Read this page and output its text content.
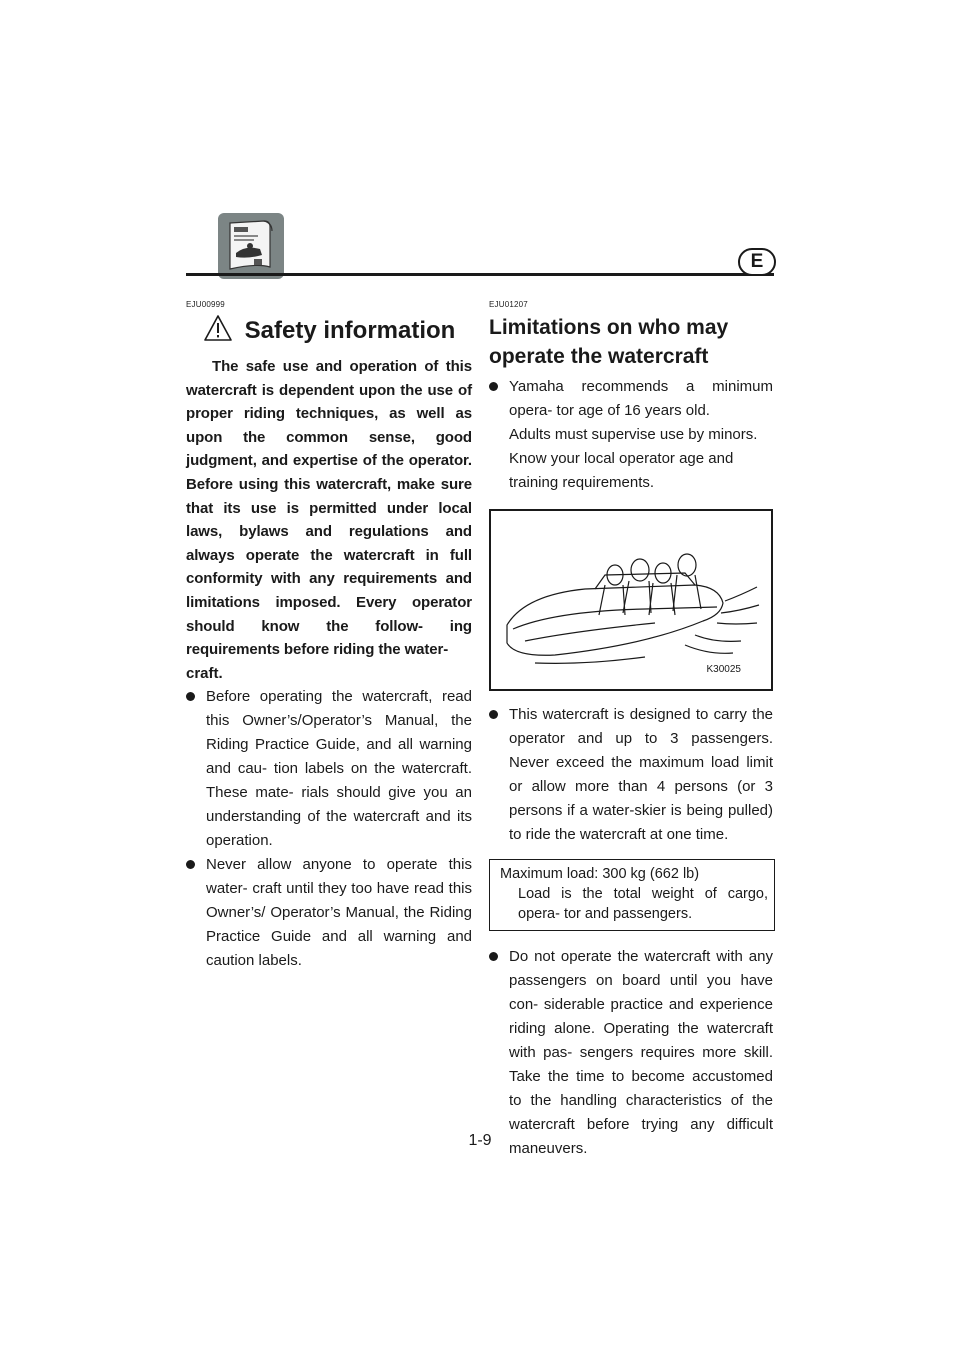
E
EJU00999
Safety information

The safe use and operation of this watercraft is dependent upon the use of proper riding techniques, as well as upon the common sense, good judgment, and expertise of the operator. Before using this watercraft, make sure that its use is permitted under local laws, bylaws and regulations and always operate the watercraft in full conformity with any requirements and limitations imposed. Every operator should know the follow- ing requirements before riding the water-

craft.

Before operating the watercraft, read this Owner’s/Operator’s Manual, the Riding Practice Guide, and all warning and cau- tion labels on the watercraft. These mate- rials should give you an understanding of the watercraft and its operation.
Never allow anyone to operate this water- craft until they too have read this Owner’s/ Operator’s Manual, the Riding Practice Guide and all warning and caution labels.
EJU01207
Limitations on who may
operate the watercraft
Yamaha recommends a minimum opera- tor age of 16 years old.
Adults must supervise use by minors.
Know your local operator age and training requirements.
K30025
This watercraft is designed to carry the operator and up to 3 passengers. Never exceed the maximum load limit or allow more than 4 persons (or 3 persons if a water-skier is being pulled) to ride the watercraft at one time.
Maximum load: 300 kg (662 lb)
Load is the total weight of cargo, opera- tor and passengers.
Do not operate the watercraft with any passengers on board until you have con- siderable practice and experience riding alone. Operating the watercraft with pas- sengers requires more skill. Take the time to become accustomed to the handling characteristics of the watercraft before trying any difficult maneuvers.
1-9
